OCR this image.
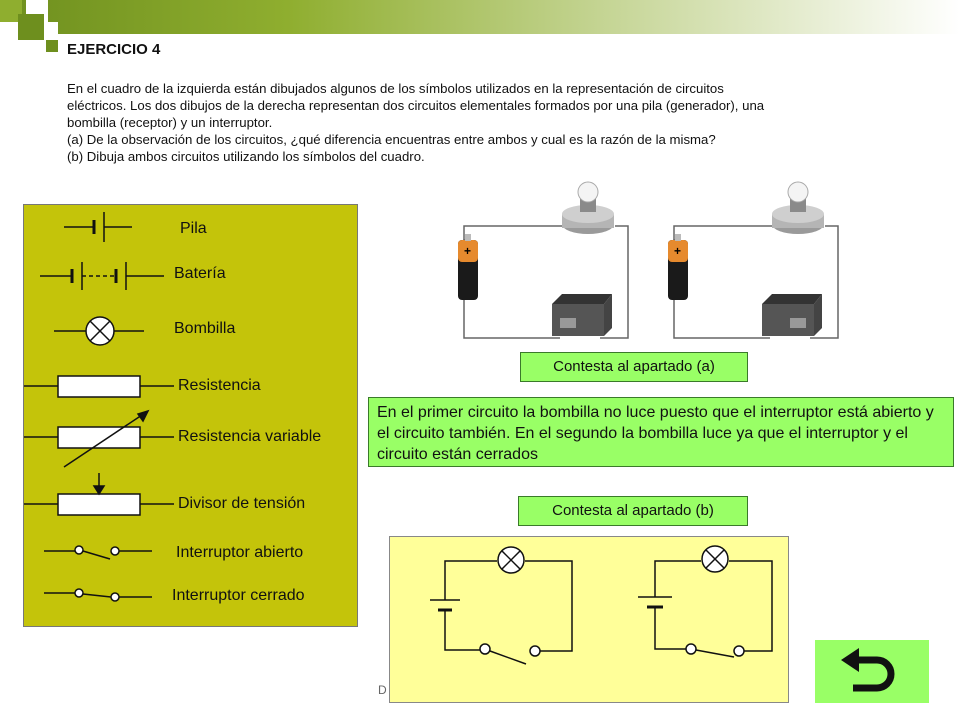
EJERCICIO 4
En el cuadro de la izquierda están dibujados algunos de los símbolos utilizados en la representación de circuitos
eléctricos. Los dos dibujos de la derecha representan dos circuitos elementales formados por una pila (generador), una
bombilla (receptor) y un interruptor.
(a) De la observación de los circuitos, ¿qué diferencia encuentras entre ambos y cual es la razón de la misma?
(b) Dibuja ambos circuitos utilizando los símbolos del cuadro.
Pila
Batería
Bombilla
Resistencia
Resistencia variable
Divisor de tensión
Interruptor abierto
Interruptor cerrado
+	+
Contesta al apartado (a)
En el primer circuito la bombilla no luce puesto que el interruptor está abierto y el circuito también. En el segundo la bombilla luce ya que el interruptor y el circuito están cerrados
Contesta al apartado (b)
D
